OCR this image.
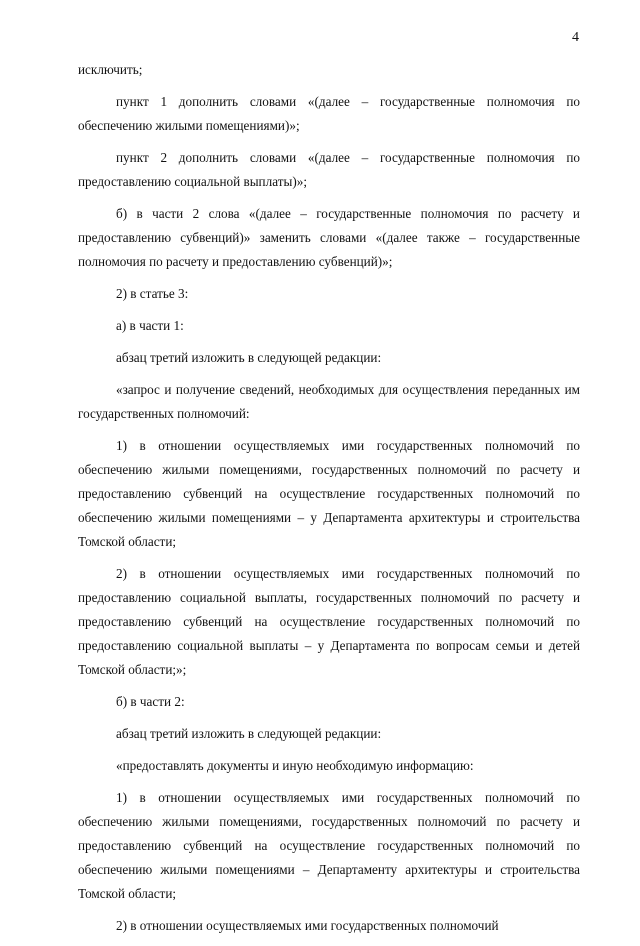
4

исключить;

пункт 1 дополнить словами «(далее – государственные полномочия по обеспечению жилыми помещениями)»;

пункт 2 дополнить словами «(далее – государственные полномочия по предоставлению социальной выплаты)»;

б) в части 2 слова «(далее – государственные полномочия по расчету и предоставлению субвенций)» заменить словами «(далее также – государственные полномочия по расчету и предоставлению субвенций)»;

2) в статье 3:

а) в части 1:

абзац третий изложить в следующей редакции:

«запрос и получение сведений, необходимых для осуществления переданных им государственных полномочий:

1) в отношении осуществляемых ими государственных полномочий по обеспечению жилыми помещениями, государственных полномочий по расчету и предоставлению субвенций на осуществление государственных полномочий по обеспечению жилыми помещениями – у Департамента архитектуры и строительства Томской области;

2) в отношении осуществляемых ими государственных полномочий по предоставлению социальной выплаты, государственных полномочий по расчету и предоставлению субвенций на осуществление государственных полномочий по предоставлению социальной выплаты – у Департамента по вопросам семьи и детей Томской области;»;

б) в части 2:

абзац третий изложить в следующей редакции:

«предоставлять документы и иную необходимую информацию:

1) в отношении осуществляемых ими государственных полномочий по обеспечению жилыми помещениями, государственных полномочий по расчету и предоставлению субвенций на осуществление государственных полномочий по обеспечению жилыми помещениями – Департаменту архитектуры и строительства Томской области;

2) в отношении осуществляемых ими государственных полномочий
